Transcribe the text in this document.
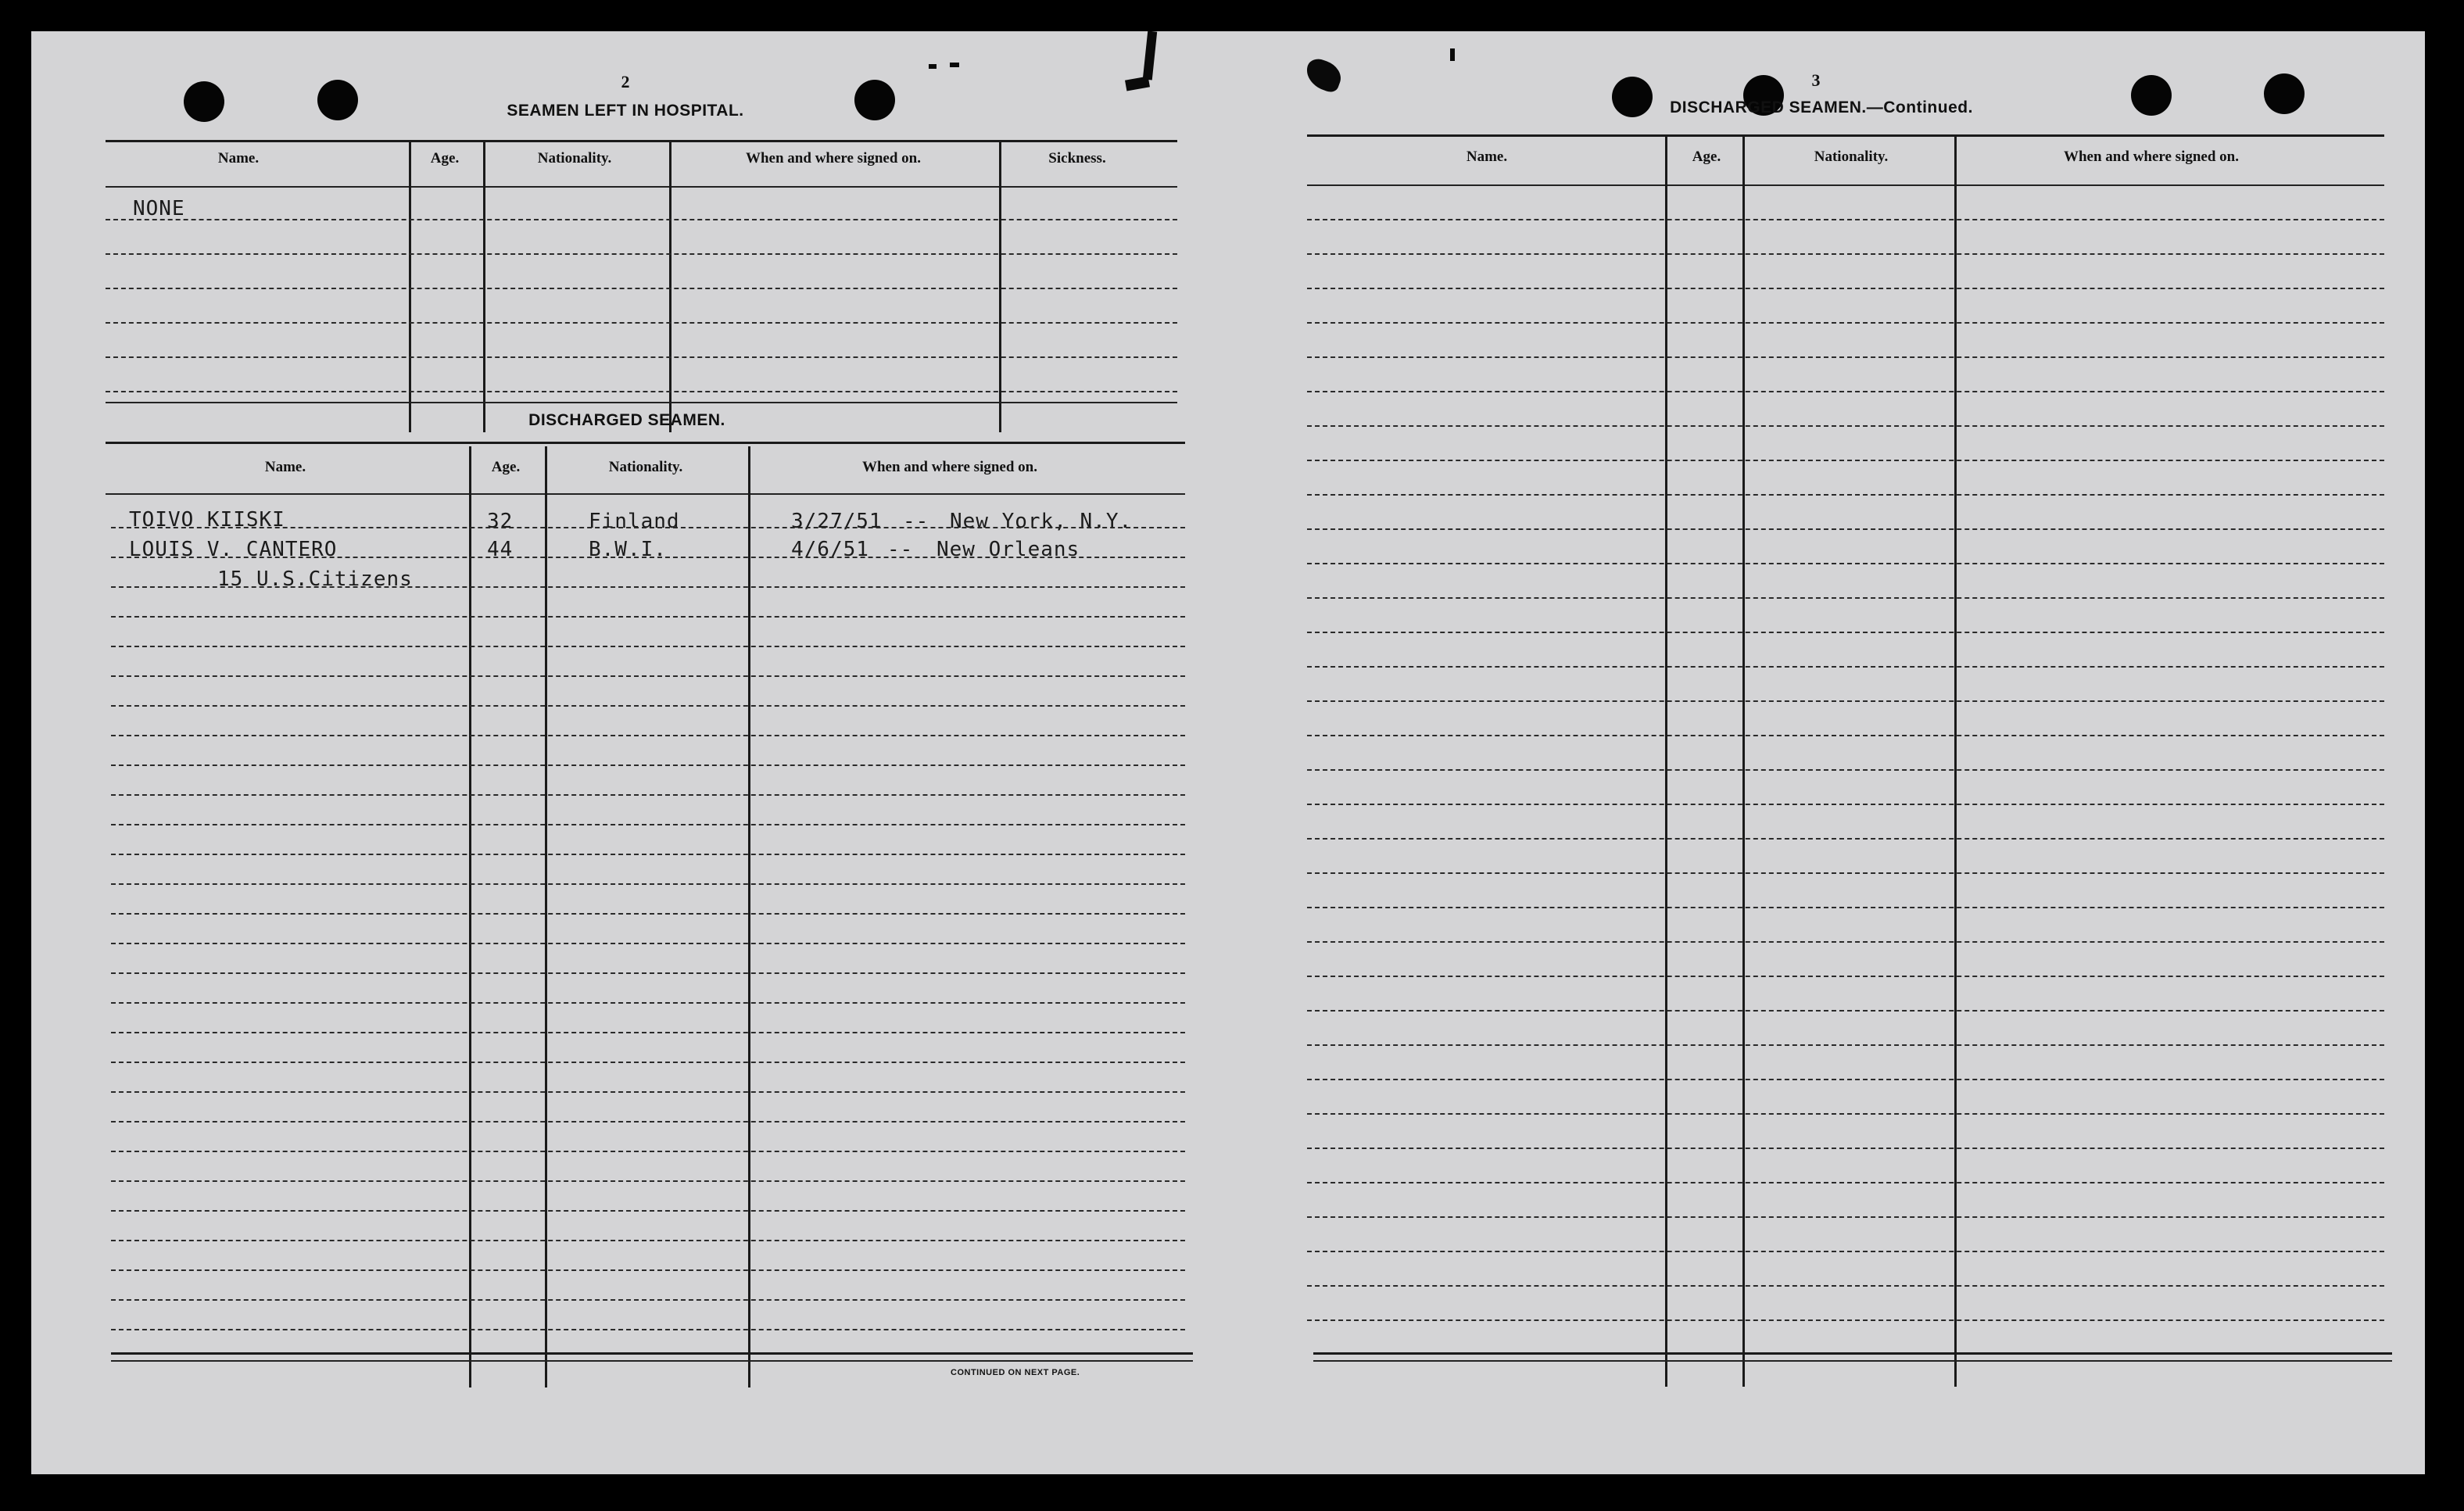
2
SEAMEN LEFT IN HOSPITAL.
Name.	Age.	Nationality.	When and where signed on.	Sickness.
NONE
DISCHARGED SEAMEN.
Name.	Age.	Nationality.	When and where signed on.
TOIVO KIISKI	32	Finland	3/27/51 -- New York, N.Y.
LOUIS V. CANTERO	44	B.W.I.	4/6/51 -- New Orleans
15 U.S.Citizens
CONTINUED ON NEXT PAGE.
3
DISCHARGED SEAMEN.—Continued.
Name.	Age.	Nationality.	When and where signed on.
